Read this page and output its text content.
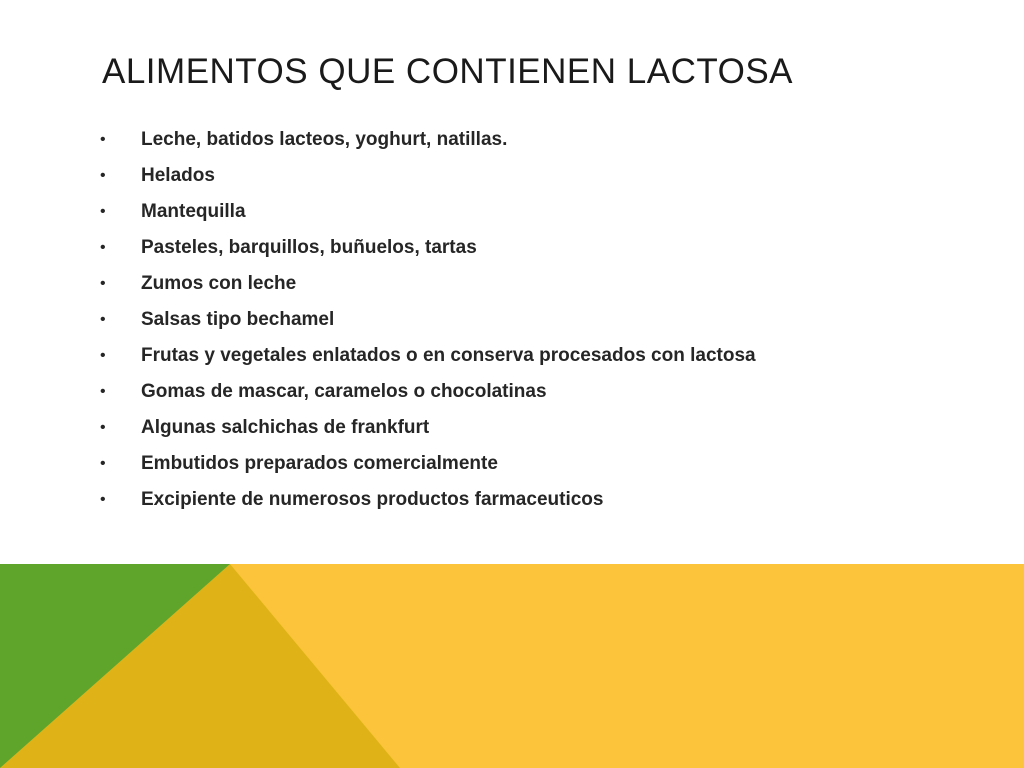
ALIMENTOS QUE CONTIENEN LACTOSA
• Leche, batidos lacteos, yoghurt, natillas.
• Helados
• Mantequilla
• Pasteles, barquillos, buñuelos, tartas
• Zumos con leche
• Salsas tipo bechamel
• Frutas y vegetales enlatados o en conserva procesados con lactosa
• Gomas de mascar, caramelos o chocolatinas
• Algunas salchichas de frankfurt
• Embutidos preparados comercialmente
• Excipiente de numerosos productos farmaceuticos
